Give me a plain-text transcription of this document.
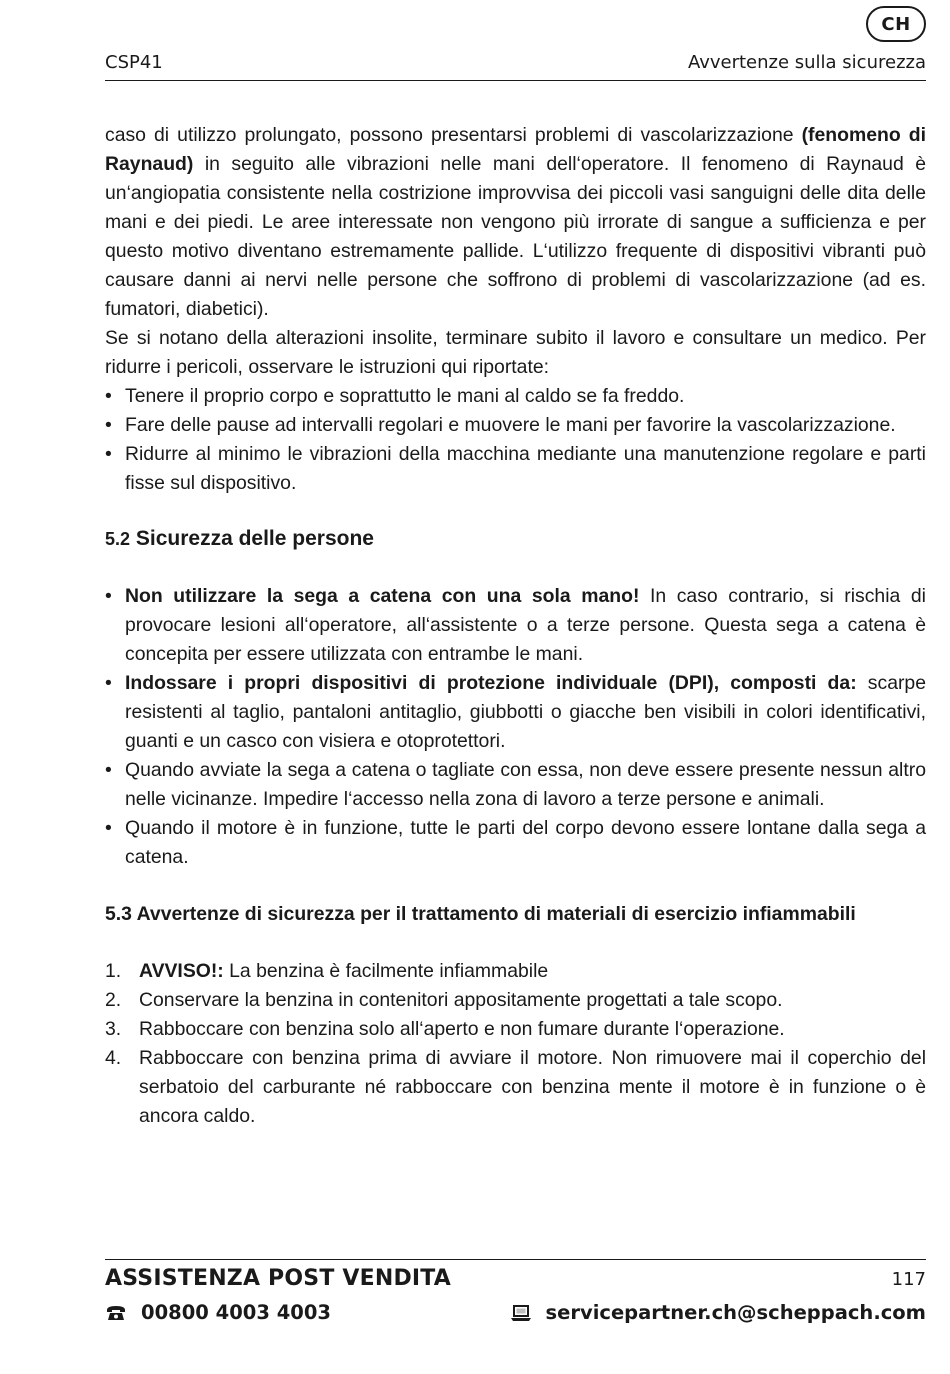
CH
CSP41	Avvertenze sulla sicurezza

caso di utilizzo prolungato, possono presentarsi problemi di vascolarizzazione (fenomeno di Raynaud) in seguito alle vibrazioni nelle mani dell‘operatore. Il fenomeno di Raynaud è un‘angiopatia consistente nella costrizione improvvisa dei piccoli vasi sanguigni delle dita delle mani e dei piedi. Le aree interessate non vengono più irrorate di sangue a sufficienza e per questo motivo diventano estremamente pallide. L‘utilizzo frequente di dispositivi vibranti può causare danni ai nervi nelle persone che soffrono di problemi di vascolarizzazione (ad es. fumatori, diabetici).

Se si notano della alterazioni insolite, terminare subito il lavoro e consultare un medico. Per ridurre i pericoli, osservare le istruzioni qui riportate:

• Tenere il proprio corpo e soprattutto le mani al caldo se fa freddo.
• Fare delle pause ad intervalli regolari e muovere le mani per favorire la vascolarizzazione.
• Ridurre al minimo le vibrazioni della macchina mediante una manutenzione regolare e parti fisse sul dispositivo.
5.2 Sicurezza delle persone
• Non utilizzare la sega a catena con una sola mano! In caso contrario, si rischia di provocare lesioni all‘operatore, all‘assistente o a terze persone. Questa sega a catena è concepita per essere utilizzata con entrambe le mani.
• Indossare i propri dispositivi di protezione individuale (DPI), composti da: scarpe resistenti al taglio, pantaloni antitaglio, giubbotti o giacche ben visibili in colori identificativi, guanti e un casco con visiera e otoprotettori.
• Quando avviate la sega a catena o tagliate con essa, non deve essere presente nessun altro nelle vicinanze. Impedire l‘accesso nella zona di lavoro a terze persone e animali.
• Quando il motore è in funzione, tutte le parti del corpo devono essere lontane dalla sega a catena.
5.3 Avvertenze di sicurezza per il trattamento di materiali di esercizio infiammabili
1. AVVISO!: La benzina è facilmente infiammabile
2. Conservare la benzina in contenitori appositamente progettati a tale scopo.
3. Rabboccare con benzina solo all‘aperto e non fumare durante l‘operazione.
4. Rabboccare con benzina prima di avviare il motore. Non rimuovere mai il coperchio del serbatoio del carburante né rabboccare con benzina mente il motore è in funzione o è ancora caldo.
ASSISTENZA POST VENDITA	117
00800 4003 4003	servicepartner.ch@scheppach.com
